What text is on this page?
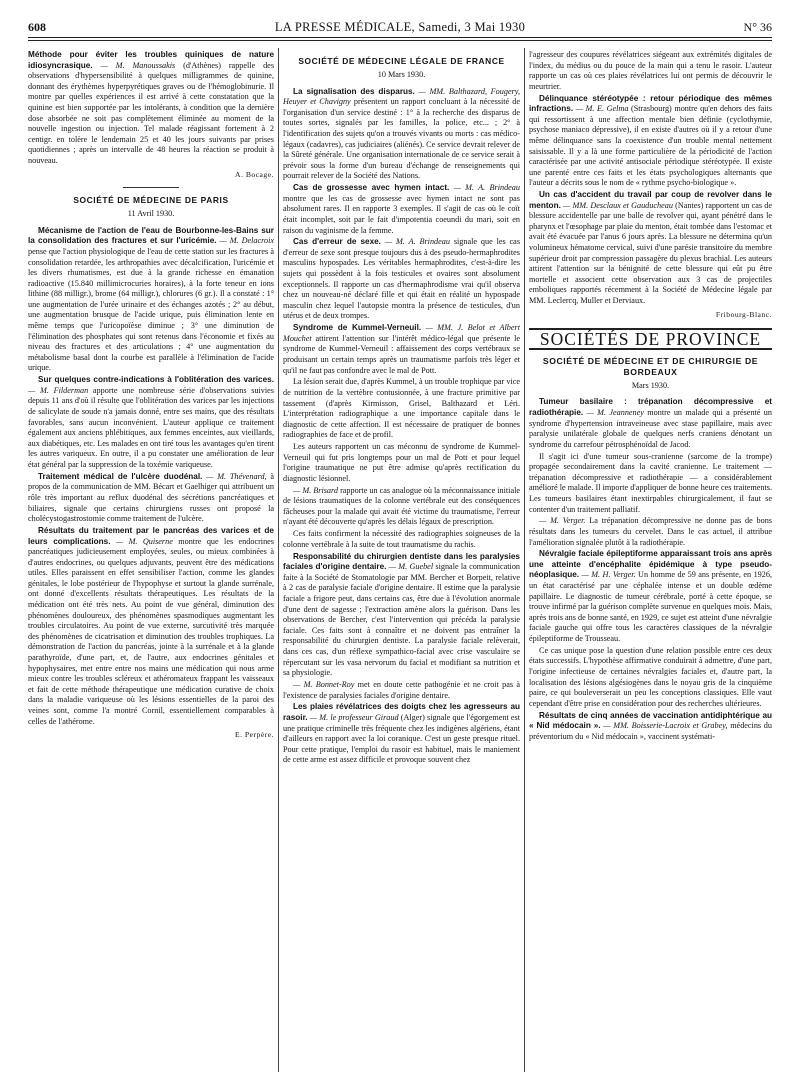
608	LA PRESSE MÉDICALE, Samedi, 3 Mai 1930	N° 36

Méthode pour éviter les troubles quiniques de nature idiosyncrasique. — M. Manoussakis (d'Athènes) rappelle des observations d'hypersensibilité à quelques milligrammes de quinine, donnant des érythèmes hyperpyrétiques graves ou de l'hémoglobinurie. Il montre par quelles expériences il est arrivé à cette constatation que la quinine est bien supportée par les intolérants, à condition que la dernière dose absorbée ne soit pas complètement éliminée au moment de la nouvelle ingestion ou injection. Tel malade réagissant fortement à 2 centigr. en tolère le lendemain 25 et 40 les jours suivants par prises quotidiennes ; après un intervalle de 48 heures la réaction se produit à nouveau.

A. Bocage.
SOCIÉTÉ DE MÉDECINE DE PARIS
11 Avril 1930.

Mécanisme de l'action de l'eau de Bourbonne-les-Bains sur la consolidation des fractures et sur l'uricémie. — M. Delacroix pense que l'action physiologique de l'eau de cette station sur les fractures à consolidation retardée, les arthropathies avec décalcification, l'uricémie et les divers rhumatismes, est due à la grande richesse en émanation radioactive (15.840 millimicrocuries horaires), à la forte teneur en ions lithine (88 milligr.), brome (64 milligr.), chlorures (6 gr.). Il a constaté : 1° une augmentation de l'urée urinaire et des échanges azotés ; 2° au début, une augmentation brusque de l'acide urique, puis élimination lente en même temps que l'uricopoïèse diminue ; 3° une diminution de l'élimination des phosphates qui sont retenus dans l'économie et fixés au niveau des fractures et des articulations ; 4° une augmentation du métabolisme basal dont la courbe est parallèle à l'élimination de l'acide urique.

Sur quelques contre-indications à l'oblitération des varices. — M. Filderman apporte une nombreuse série d'observations suivies depuis 11 ans d'où il résulte que l'oblitération des varices par les injections de salicylate de soude n'a jamais donné, entre ses mains, que des résultats favorables, sans aucun inconvénient. L'auteur applique ce traitement également aux anciens phlébitiques, aux femmes enceintes, aux vieillards, aux diabétiques, etc. Les malades en ont tiré tous les avantages qu'en tirent les autres variqueux. En outre, il a pu constater une amélioration de leur état général par la suppression de la toxémie variqueuse.

Traitement médical de l'ulcère duodénal. — M. Thévenard, à propos de la communication de MM. Bécart et Gaelhiger qui attribuent un rôle très important au reflux duodénal des sécrétions pancréatiques et biliaires, signale que certains chirurgiens russes ont proposé la cholécystogastrostomie comme traitement de l'ulcère.

Résultats du traitement par le pancréas des varices et de leurs complications. — M. Quiserne montre que les endocrines pancréatiques judicieusement employées, seules, ou mieux combinées à d'autres endocrines, ou quelques adjuvants, peuvent être des médications utiles. Elles paraissent en effet sensibiliser l'action, comme les glandes génitales, le lobe postérieur de l'hypophyse et surtout la glande surrénale, ont donné d'excellents résultats thérapeutiques. Les résultats de la médication ont été très nets. Au point de vue général, diminution des phénomènes douloureux, des phénomènes spasmodiques augmentant les troubles circulatoires. Au point de vue externe, surcutivité très marquée des phénomènes de cicatrisation et diminution des troubles trophiques. La démonstration de l'action du pancréas, jointe à la surrénale et à la glande parathyroïde, d'une part, et, de l'autre, aux endocrines génitales et hypophysaires, met entre entre nos mains une médication qui nous arme mieux contre les troubles scléreux et athéromateux frappant les vaisseaux et fait de cette méthode thérapeutique une médication curative de choix dans la maladie variqueuse où les lésions essentielles de la paroi des veines sont, comme l'a montré Cornil, essentiellement comparables à celles de l'athérome.

E. Perpère.
SOCIÉTÉ DE MÉDECINE LÉGALE DE FRANCE
10 Mars 1930.

La signalisation des disparus. — MM. Balthazard, Fougery, Heuyer et Chavigny présentent un rapport concluant à la nécessité de l'organisation d'un service destiné : 1° à la recherche des disparus de toutes sortes, signalés par les familles, la police, etc... ; 2° à l'identification des sujets qu'on a trouvés vivants ou morts : cas médico-légaux (cadavres), cas judiciaires (aliénés). Ce service devrait relever de la Sûreté générale. Une organisation internationale de ce service serait à prévoir sous la forme d'un bureau d'échange de renseignements qui pourrait relever de la Société des Nations.

Cas de grossesse avec hymen intact. — M. A. Brindeau montre que les cas de grossesse avec hymen intact ne sont pas absolument rares. Il en rapporte 3 exemples. Il s'agit de cas où le coït était incomplet, soit par le fait d'impotentia coeundi du mari, soit en raison du vaginisme de la femme.

Cas d'erreur de sexe. — M. A. Brindeau signale que les cas d'erreur de sexe sont presque toujours dus à des pseudo-hermaphrodites masculins hypospades. Les véritables hermaphrodites, c'est-à-dire les sujets qui possèdent à la fois testicules et ovaires sont absolument exceptionnels. Il rapporte un cas d'hermaphrodisme vrai qu'il observa chez un nouveau-né déclaré fille et qui était en réalité un hypospade masculin chez lequel l'autopsie montra la présence de testicules, d'un utérus et de deux trompes.

Syndrome de Kummel-Verneuil. — MM. J. Belot et Albert Mouchet attirent l'attention sur l'intérêt médico-légal que présente le syndrome de Kummel-Verneuil : affaissement des corps vertébraux se produisant un certain temps après un traumatisme parfois très léger et qu'il ne faut pas confondre avec le mal de Pott.

La lésion serait due, d'après Kummel, à un trouble trophique par vice de nutrition de la vertèbre contusionnée, à une fracture primitive par tassement (d'après Kirmisson, Grisel, Balthazard et Léri. L'interprétation radiographique a une importance capitale dans le diagnostic de cette affection. Il est nécessaire de pratiquer de bonnes radiographies de face et de profil.

Les auteurs rapportent un cas méconnu de syndrome de Kummel-Verneuil qui fut pris longtemps pour un mal de Pott et pour lequel l'origine traumatique ne put être admise qu'après rectification du diagnostic lésionnel.

— M. Brisard rapporte un cas analogue où la méconnaissance initiale de lésions traumatiques de la colonne vertébrale eut des conséquences fâcheuses pour la malade qui avait été victime du traumatisme, l'erreur n'ayant été découverte qu'après les délais légaux de prescription.

Ces faits confirment la nécessité des radiographies soigneuses de la colonne vertébrale à la suite de tout traumatisme du rachis.

Responsabilité du chirurgien dentiste dans les paralysies faciales d'origine dentaire. — M. Guebel signale la communication faite à la Société de Stomatologie par MM. Bercher et Borpeit, relative à 2 cas de paralysie faciale d'origine dentaire. Il estime que la paralysie faciale a frigore peut, dans certains cas, être due à l'évolution anormale d'une dent de sagesse ; l'extraction amène alors la guérison. Dans les observations de Bercher, c'est l'intervention qui précéda la paralysie faciale. Ces faits sont à connaître et ne doivent pas entraîner la responsabilité du chirurgien dentiste. La paralysie faciale relèverait, dans ces cas, d'un réflexe sympathico-facial avec crise vasculaire se répercutant sur les vasa nervorum du facial et modifiant sa nutrition et sa physiologie.

— M. Bonnet-Roy met en doute cette pathogénie et ne croit pas à l'existence de paralysies faciales d'origine dentaire.

Les plaies révélatrices des doigts chez les agresseurs au rasoir. — M. le professeur Giraud (Alger) signale que l'égorgement est une pratique criminelle très fréquente chez les indigènes algériens, étant d'ailleurs en rapport avec la loi coranique. C'est un geste presque rituel. Pour cette pratique, l'emploi du rasoir est habituel, mais le maniement de cette arme est assez difficile et provoque souvent chez

l'agresseur des coupures révélatrices siégeant aux extrémités digitales de l'index, du médius ou du pouce de la main qui a tenu le rasoir. L'auteur rapporte un cas où ces plaies révélatrices lui ont permis de découvrir le meurtrier.

Délinquance stéréotypée : retour périodique des mêmes infractions. — M. E. Gelma (Strasbourg) montre qu'en dehors des faits qui ressortissent à une affection mentale bien définie (cyclothymie, psychose maniaco dépressive), il en existe d'autres où il y a retour d'une même délinquance sans la coexistence d'un trouble mental nettement saisissable. Il y a là une forme particulière de la périodicité de l'action caractérisée par une activité antisociale périodique stéréotypée. Il existe une parenté entre ces faits et les états psychologiques alternants que l'auteur a décrits sous le nom de « rythme psycho-biologique ».

Un cas d'accident du travail par coup de revolver dans le menton. — MM. Desclaux et Gauducheau (Nantes) rapportent un cas de blessure accidentelle par une balle de revolver qui, ayant pénétré dans le pharynx et l'œsophage par plaie du menton, était tombée dans l'estomac et avait été évacuée par l'anus 6 jours après. La blessure ne détermina qu'un volumineux hématome cervical, suivi d'une parésie transitoire du membre supérieur droit par compression passagère du plexus brachial. Les auteurs attirent l'attention sur la bénignité de cette blessure qui eût pu être mortelle et associent cette observation aux 3 cas de projectiles emboliques rapportés récemment à la Société de Médecine légale par MM. Leclercq, Muller et Derviaux.

Fribourg-Blanc.
SOCIÉTÉS DE PROVINCE
SOCIÉTÉ DE MÉDECINE ET DE CHIRURGIE DE BORDEAUX
Mars 1930.

Tumeur basilaire : trépanation décompressive et radiothérapie. — M. Jeanneney montre un malade qui a présenté un syndrome d'hypertension intraveineuse avec stase papillaire, mais avec paralysie unilatérale globale de quelques nerfs craniens dénotant un syndrome du carrefour pétrosphénoïdal de Jacod.

Il s'agit ici d'une tumeur sous-cranienne (sarcome de la trompe) propagée secondairement dans la cavité cranienne. Le traitement — trépanation décompressive et radiothérapie — a considérablement amélioré le malade. Il importe d'appliquer de bonne heure ces traitements. Les tumeurs basilaires étant inextirpables chirurgicalement, il faut se contenter d'un traitement palliatif.

— M. Verger. La trépanation décompressive ne donne pas de bons résultats dans les tumeurs du cervelet. Dans le cas actuel, il attribue l'amélioration signalée plutôt à la radiothérapie.

Névralgie faciale épileptiforme apparaissant trois ans après une atteinte d'encéphalite épidémique à type pseudo-néoplasique. — M. H. Verger. Un homme de 59 ans présente, en 1926, un état caractérisé par une céphalée intense et un double œdème papillaire. Le diagnostic de tumeur cérébrale, porté à cette époque, se trouve infirmé par la guérison complète survenue en quelques mois. Mais, après trois ans de bonne santé, en 1929, ce sujet est atteint d'une névralgie faciale gauche qui offre tous les caractères classiques de la névralgie épileptiforme de Trousseau.

Ce cas unique pose la question d'une relation possible entre ces deux états successifs. L'hypothèse affirmative conduirait à admettre, d'une part, l'origine infectieuse de certaines névralgies faciales et, d'autre part, la localisation des lésions algésiogènes dans le noyau gris de la cinquième paire, ce qui bouleverserait un peu les conceptions classiques. Elle vaut cependant d'être prise en considération pour des recherches ultérieures.

Résultats de cinq années de vaccination antidiphtérique au « Nid médocain ». — MM. Boisserie-Lacroix et Grabey, médecins du préventorium du « Nid médocain », vaccinent systémati-
